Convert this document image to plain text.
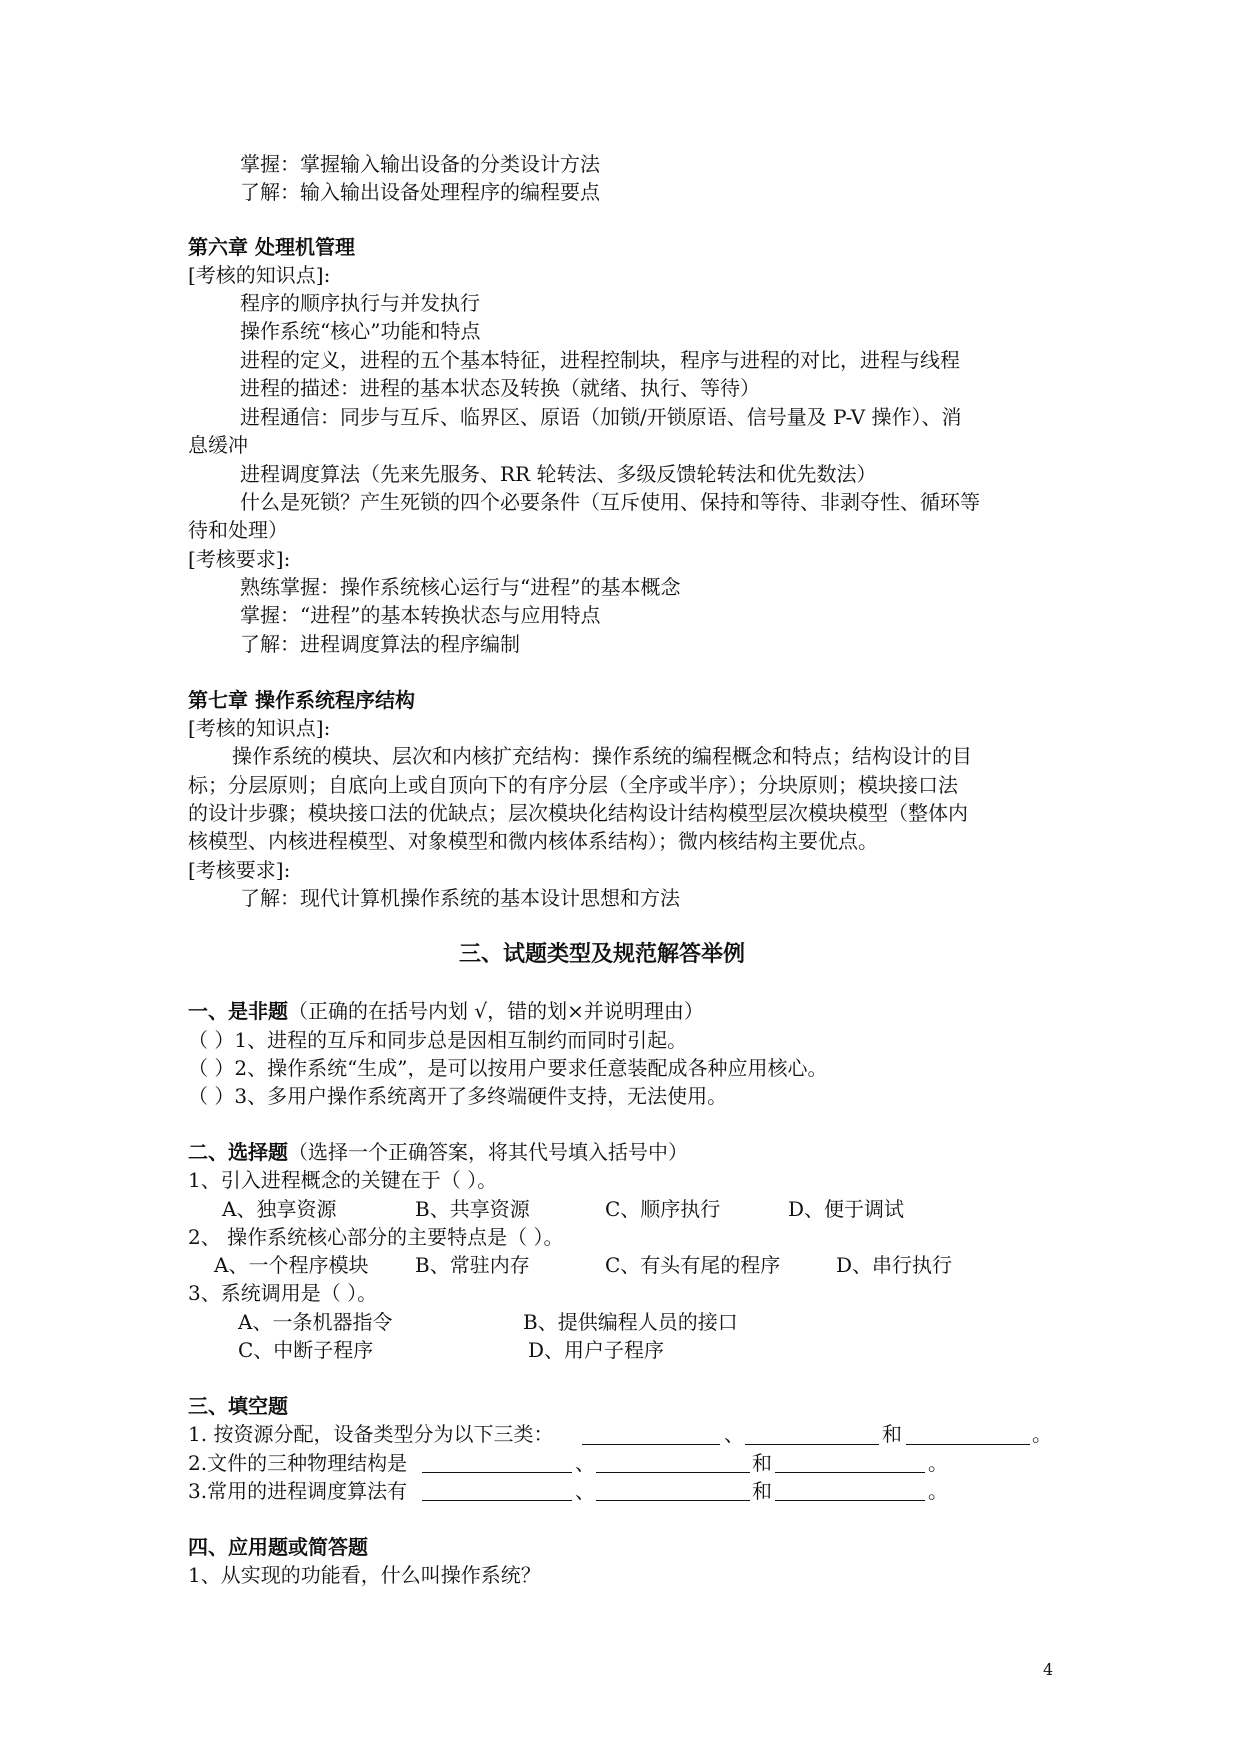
掌握：掌握输入输出设备的分类设计方法
了解：输入输出设备处理程序的编程要点
第六章 处理机管理
[考核的知识点]:
程序的顺序执行与并发执行
操作系统“核心”功能和特点
进程的定义，进程的五个基本特征，进程控制块，程序与进程的对比，进程与线程
进程的描述：进程的基本状态及转换（就绪、执行、等待）
进程通信：同步与互斥、临界区、原语（加锁/开锁原语、信号量及 P-V 操作）、消
息缓冲
进程调度算法（先来先服务、RR 轮转法、多级反馈轮转法和优先数法）
什么是死锁？产生死锁的四个必要条件（互斥使用、保持和等待、非剥夺性、循环等
待和处理）
[考核要求]:
熟练掌握：操作系统核心运行与“进程”的基本概念
掌握：“进程”的基本转换状态与应用特点
了解：进程调度算法的程序编制
第七章 操作系统程序结构
[考核的知识点]:
操作系统的模块、层次和内核扩充结构：操作系统的编程概念和特点；结构设计的目
标；分层原则；自底向上或自顶向下的有序分层（全序或半序）；分块原则；模块接口法
的设计步骤；模块接口法的优缺点；层次模块化结构设计结构模型层次模块模型（整体内
核模型、内核进程模型、对象模型和微内核体系结构）；微内核结构主要优点。
[考核要求]:
了解：现代计算机操作系统的基本设计思想和方法
三、试题类型及规范解答举例
一、是非题（正确的在括号内划 √，错的划×并说明理由）
（ ）1、进程的互斥和同步总是因相互制约而同时引起。
（ ）2、操作系统“生成”，是可以按用户要求任意装配成各种应用核心。
（ ）3、多用户操作系统离开了多终端硬件支持，无法使用。
二、选择题（选择一个正确答案，将其代号填入括号中）
1、引入进程概念的关键在于（ ）。
A、独享资源	B、共享资源	C、顺序执行	D、便于调试
2、 操作系统核心部分的主要特点是（ ）。
A、一个程序模块 B、常驻内存	C、有头有尾的程序	D、串行执行
3、系统调用是（ ）。
A、一条机器指令	B、提供编程人员的接口
C、中断子程序	D、用户子程序
三、填空题
1. 按资源分配，设备类型分为以下三类：	、	和	。
2.文件的三种物理结构是	、	和	。
3.常用的进程调度算法有	、	和	。
四、应用题或简答题
1、从实现的功能看，什么叫操作系统？
4
